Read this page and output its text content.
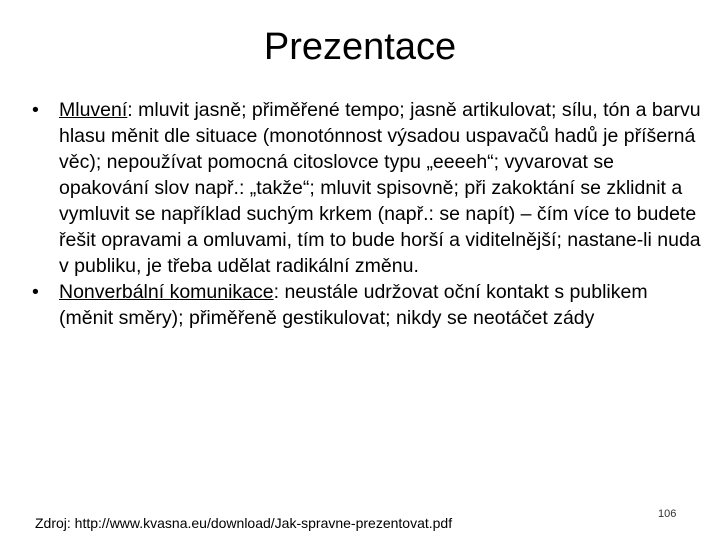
Prezentace
• Mluvení: mluvit jasně; přiměřené tempo; jasně artikulovat; sílu, tón a barvu hlasu měnit dle situace (monotónnost výsadou uspavačů hadů je příšerná věc); nepoužívat pomocná citoslovce typu „eeeeh“; vyvarovat se opakování slov např.: „takže“; mluvit spisovně; při zakoktání se zklidnit a vymluvit se například suchým krkem (např.: se napít) – čím více to budete řešit opravami a omluvami, tím to bude horší a viditelnější; nastane-li nuda v publiku, je třeba udělat radikální změnu.
• Nonverbální komunikace: neustále udržovat oční kontakt s publikem (měnit směry); přiměřeně gestikulovat; nikdy se neotáčet zády
Zdroj: http://www.kvasna.eu/download/Jak-spravne-prezentovat.pdf
106
